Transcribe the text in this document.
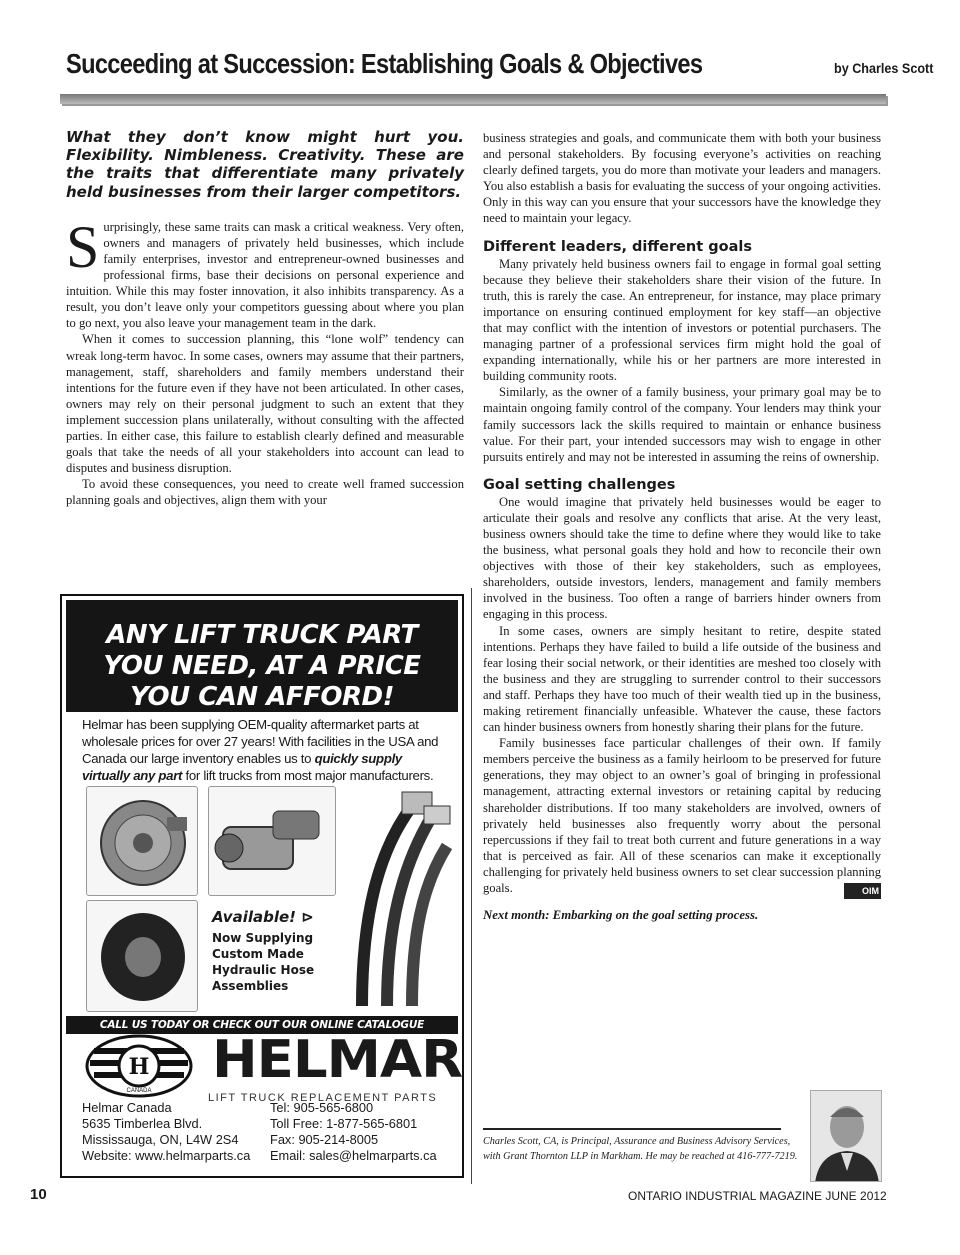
Succeeding at Succession: Establishing Goals & Objectives	by Charles Scott
What they don’t know might hurt you. Flexibility. Nimbleness. Creativity. These are the traits that differentiate many privately held businesses from their larger competitors.

Surprisingly, these same traits can mask a critical weakness. Very often, owners and managers of privately held businesses, which include family enterprises, investor and entrepreneur-owned businesses and professional firms, base their decisions on personal experience and intuition. While this may foster innovation, it also inhibits transparency. As a result, you don’t leave only your competitors guessing about where you plan to go next, you also leave your management team in the dark.

When it comes to succession planning, this “lone wolf” tendency can wreak long-term havoc. In some cases, owners may assume that their partners, management, staff, shareholders and family members understand their intentions for the future even if they have not been articulated. In other cases, owners may rely on their personal judgment to such an extent that they implement succession plans unilaterally, without consulting with the affected parties. In either case, this failure to establish clearly defined and measurable goals that take the needs of all your stakeholders into account can lead to disputes and business disruption.

To avoid these consequences, you need to create well framed succession planning goals and objectives, align them with your

ANY LIFT TRUCK PART
YOU NEED, AT A PRICE
YOU CAN AFFORD!
Helmar has been supplying OEM-quality aftermarket parts at wholesale prices for over 27 years! With facilities in the USA and Canada our large inventory enables us to quickly supply virtually any part for lift trucks from most major manufacturers.
Available! ⊳
Now Supplying
Custom Made
Hydraulic Hose
Assemblies
CALL US TODAY OR CHECK OUT OUR ONLINE CATALOGUE
H
CANADA
HELMAR
LIFT TRUCK REPLACEMENT PARTS
Helmar Canada
5635 Timberlea Blvd.
Mississauga, ON, L4W 2S4
Website: www.helmarparts.ca
Tel: 905-565-6800
Toll Free: 1-877-565-6801
Fax: 905-214-8005
Email: sales@helmarparts.ca

business strategies and goals, and communicate them with both your business and personal stakeholders. By focusing everyone’s activities on reaching clearly defined targets, you do more than motivate your leaders and managers. You also establish a basis for evaluating the success of your ongoing activities. Only in this way can you ensure that your successors have the knowledge they need to maintain your legacy.

Different leaders, different goals

Many privately held business owners fail to engage in formal goal setting because they believe their stakeholders share their vision of the future. In truth, this is rarely the case. An entrepreneur, for instance, may place primary importance on ensuring continued employment for key staff—an objective that may conflict with the intention of investors or potential purchasers. The managing partner of a professional services firm might hold the goal of expanding internationally, while his or her partners are more interested in building community roots.

Similarly, as the owner of a family business, your primary goal may be to maintain ongoing family control of the company. Your lenders may think your family successors lack the skills required to maintain or enhance business value. For their part, your intended successors may wish to engage in other pursuits entirely and may not be interested in assuming the reins of ownership.

Goal setting challenges

One would imagine that privately held businesses would be eager to articulate their goals and resolve any conflicts that arise. At the very least, business owners should take the time to define where they would like to take the business, what personal goals they hold and how to reconcile their own objectives with those of their key stakeholders, such as employees, shareholders, outside investors, lenders, management and family members involved in the business. Too often a range of barriers hinder owners from engaging in this process.

In some cases, owners are simply hesitant to retire, despite stated intentions. Perhaps they have failed to build a life outside of the business and fear losing their social network, or their identities are meshed too closely with the business and they are struggling to surrender control to their successors and staff. Perhaps they have too much of their wealth tied up in the business, making retirement financially unfeasible. Whatever the cause, these factors can hinder business owners from honestly sharing their plans for the future.

Family businesses face particular challenges of their own. If family members perceive the business as a family heirloom to be preserved for future generations, they may object to an owner’s goal of bringing in professional management, attracting external investors or retaining capital by reducing shareholder distributions. If too many stakeholders are involved, owners of privately held businesses also frequently worry about the personal repercussions if they fail to treat both current and future generations in a way that is perceived as fair. All of these scenarios can make it exceptionally challenging for privately held business owners to set clear succession planning goals.	OIM

Next month: Embarking on the goal setting process.
Charles Scott, CA, is Principal, Assurance and Business Advisory Services, with Grant Thornton LLP in Markham. He may be reached at 416-777-7219.
10	ONTARIO INDUSTRIAL MAGAZINE JUNE 2012
